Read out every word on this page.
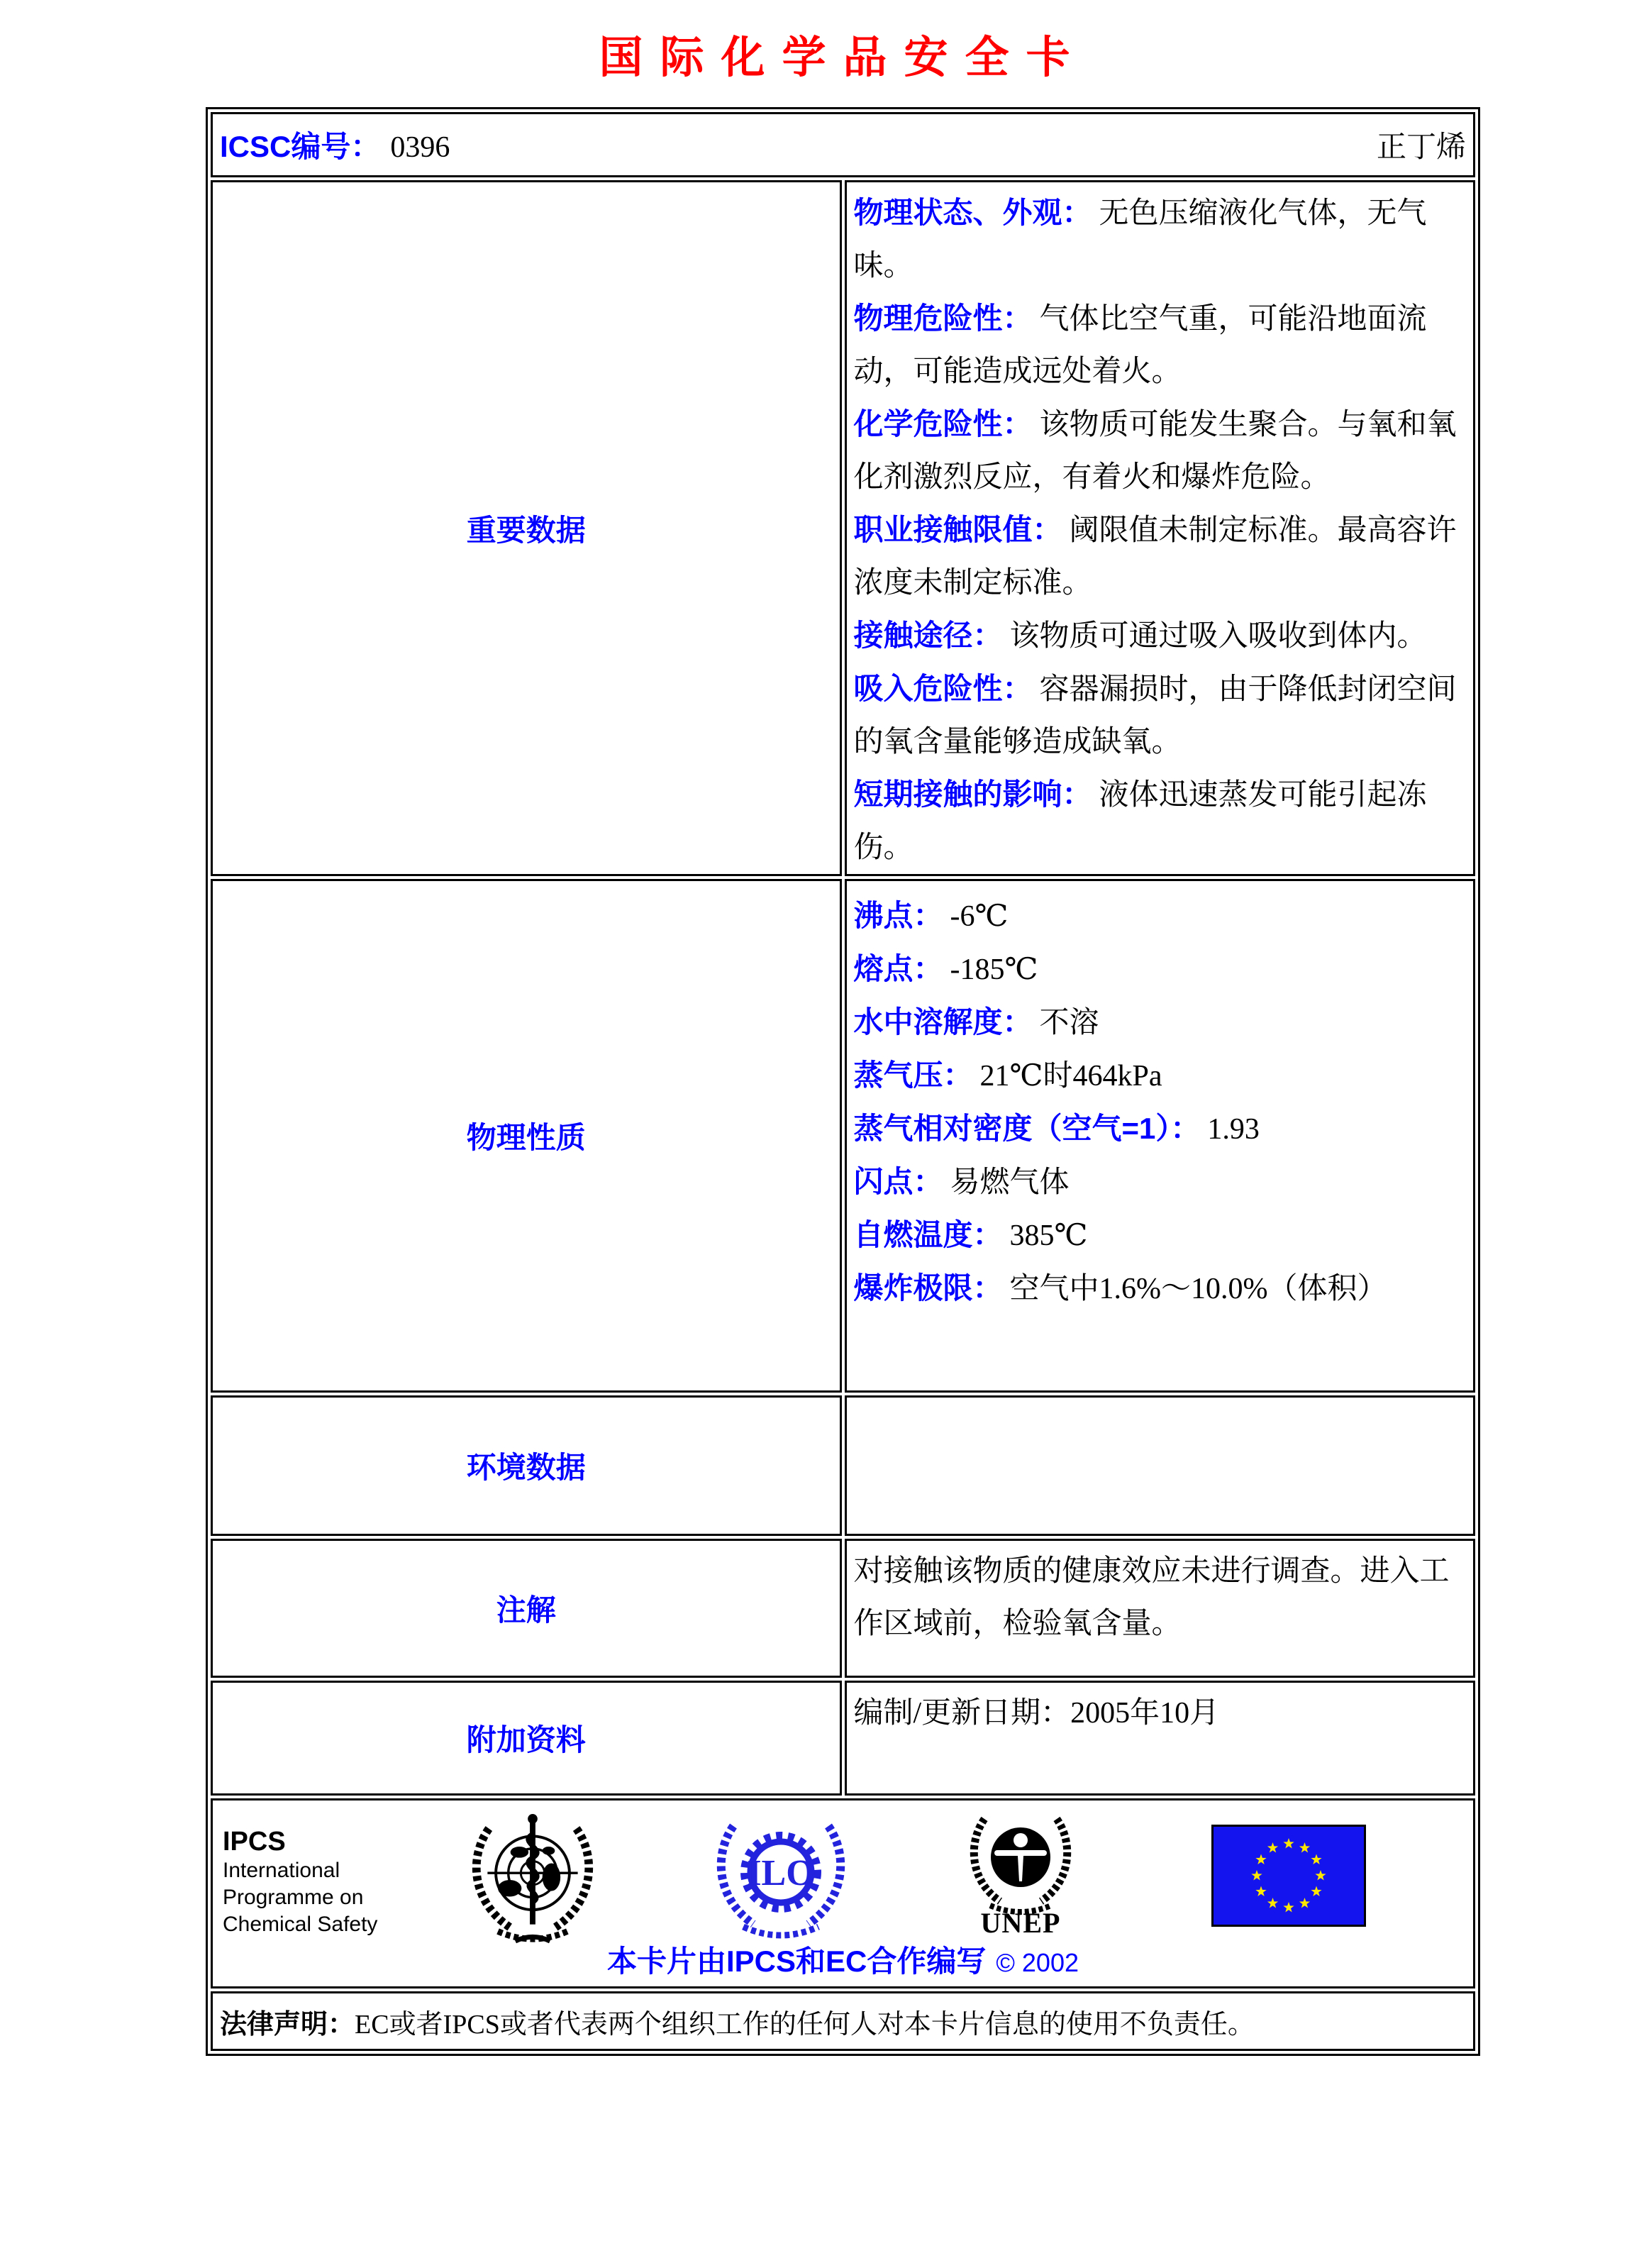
国际化学品安全卡
ICSC编号： 0396 正丁烯	

重要数据	
物理状态、外观： 无色压缩液化气体，无气味。
物理危险性： 气体比空气重，可能沿地面流动，可能造成远处着火。
化学危险性： 该物质可能发生聚合。与氧和氧化剂激烈反应，有着火和爆炸危险。
职业接触限值： 阈限值未制定标准。最高容许浓度未制定标准。
接触途径： 该物质可通过吸入吸收到体内。
吸入危险性： 容器漏损时，由于降低封闭空间的氧含量能够造成缺氧。
短期接触的影响： 液体迅速蒸发可能引起冻伤。

物理性质	
沸点： -6℃
熔点： -185℃
水中溶解度： 不溶
蒸气压： 21℃时464kPa
蒸气相对密度（空气=1）： 1.93
闪点： 易燃气体
自燃温度： 385℃
爆炸极限： 空气中1.6%～10.0%（体积）

环境数据	
注解	对接触该物质的健康效应未进行调查。进入工作区域前，检验氧含量。

附加资料	编制/更新日期：2005年10月

IPCS
International
Programme on
Chemical Safety
ILO
UNEP
本卡片由IPCS和EC合作编写 © 2002

法律声明：EC或者IPCS或者代表两个组织工作的任何人对本卡片信息的使用不负责任。	
